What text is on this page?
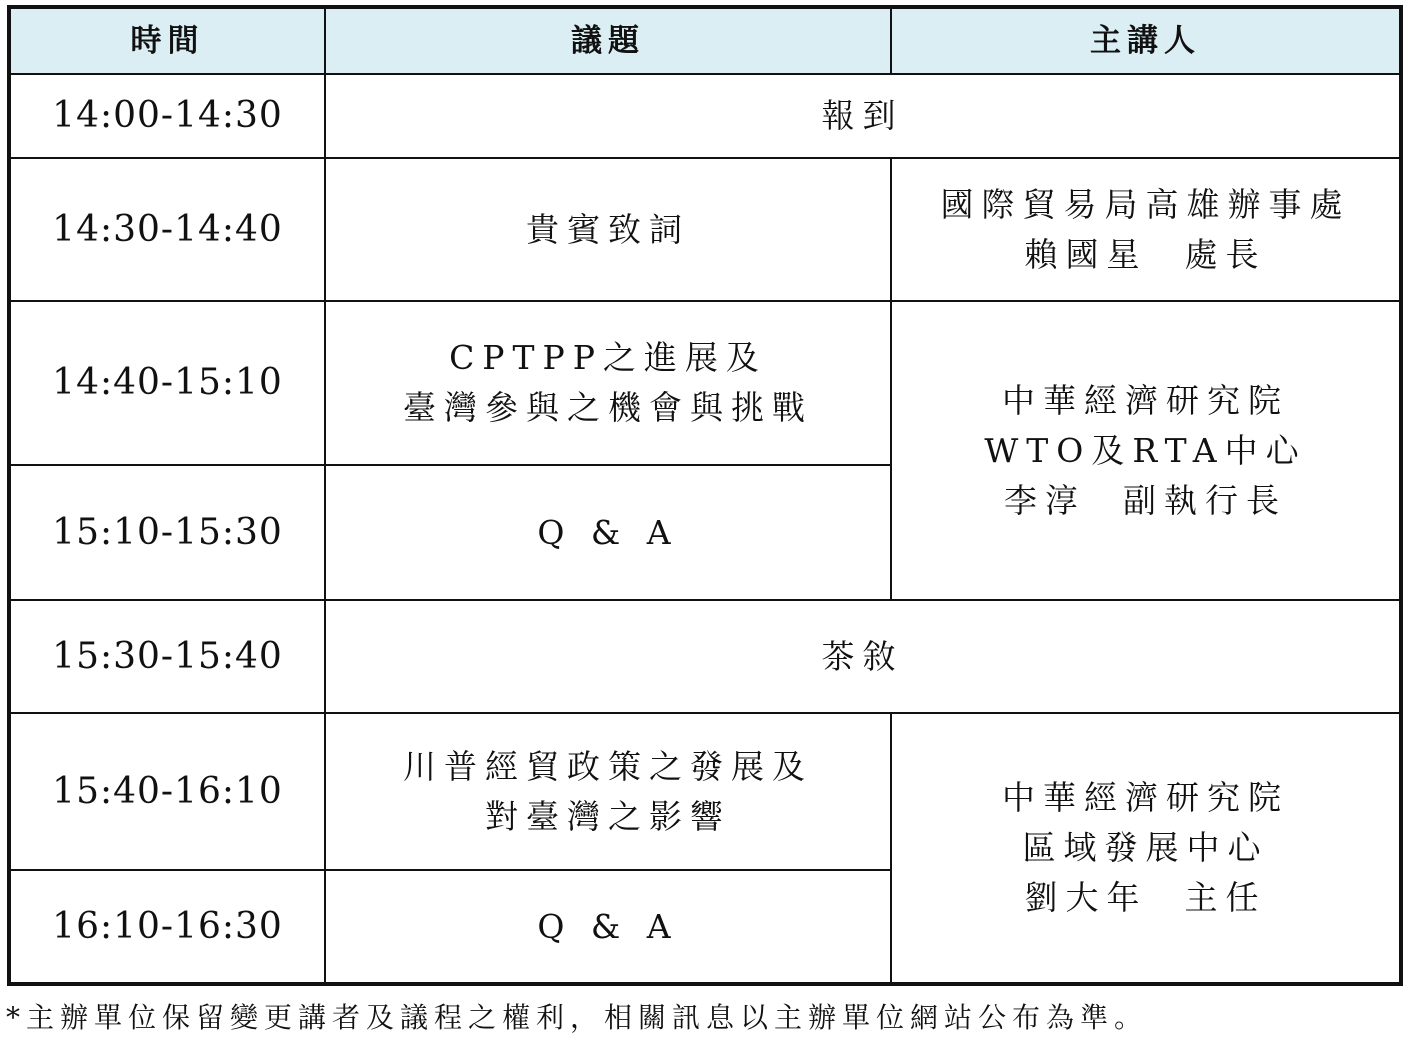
時間	議題	主講人
14:00-14:30	報到	
14:30-14:40	貴賓致詞	國際貿易局高雄辦事處
賴國星  處長

14:40-15:10	CPTPP之進展及
臺灣參與之機會與挑戰	中華經濟研究院
WTO及RTA中心
李淳  副執行長

15:10-15:30	Q & A	
15:30-15:40	茶敘	
15:40-16:10	川普經貿政策之發展及
對臺灣之影響	中華經濟研究院
區域發展中心
劉大年  主任

16:10-16:30	Q & A	
*主辦單位保留變更講者及議程之權利，相關訊息以主辦單位網站公布為準。
